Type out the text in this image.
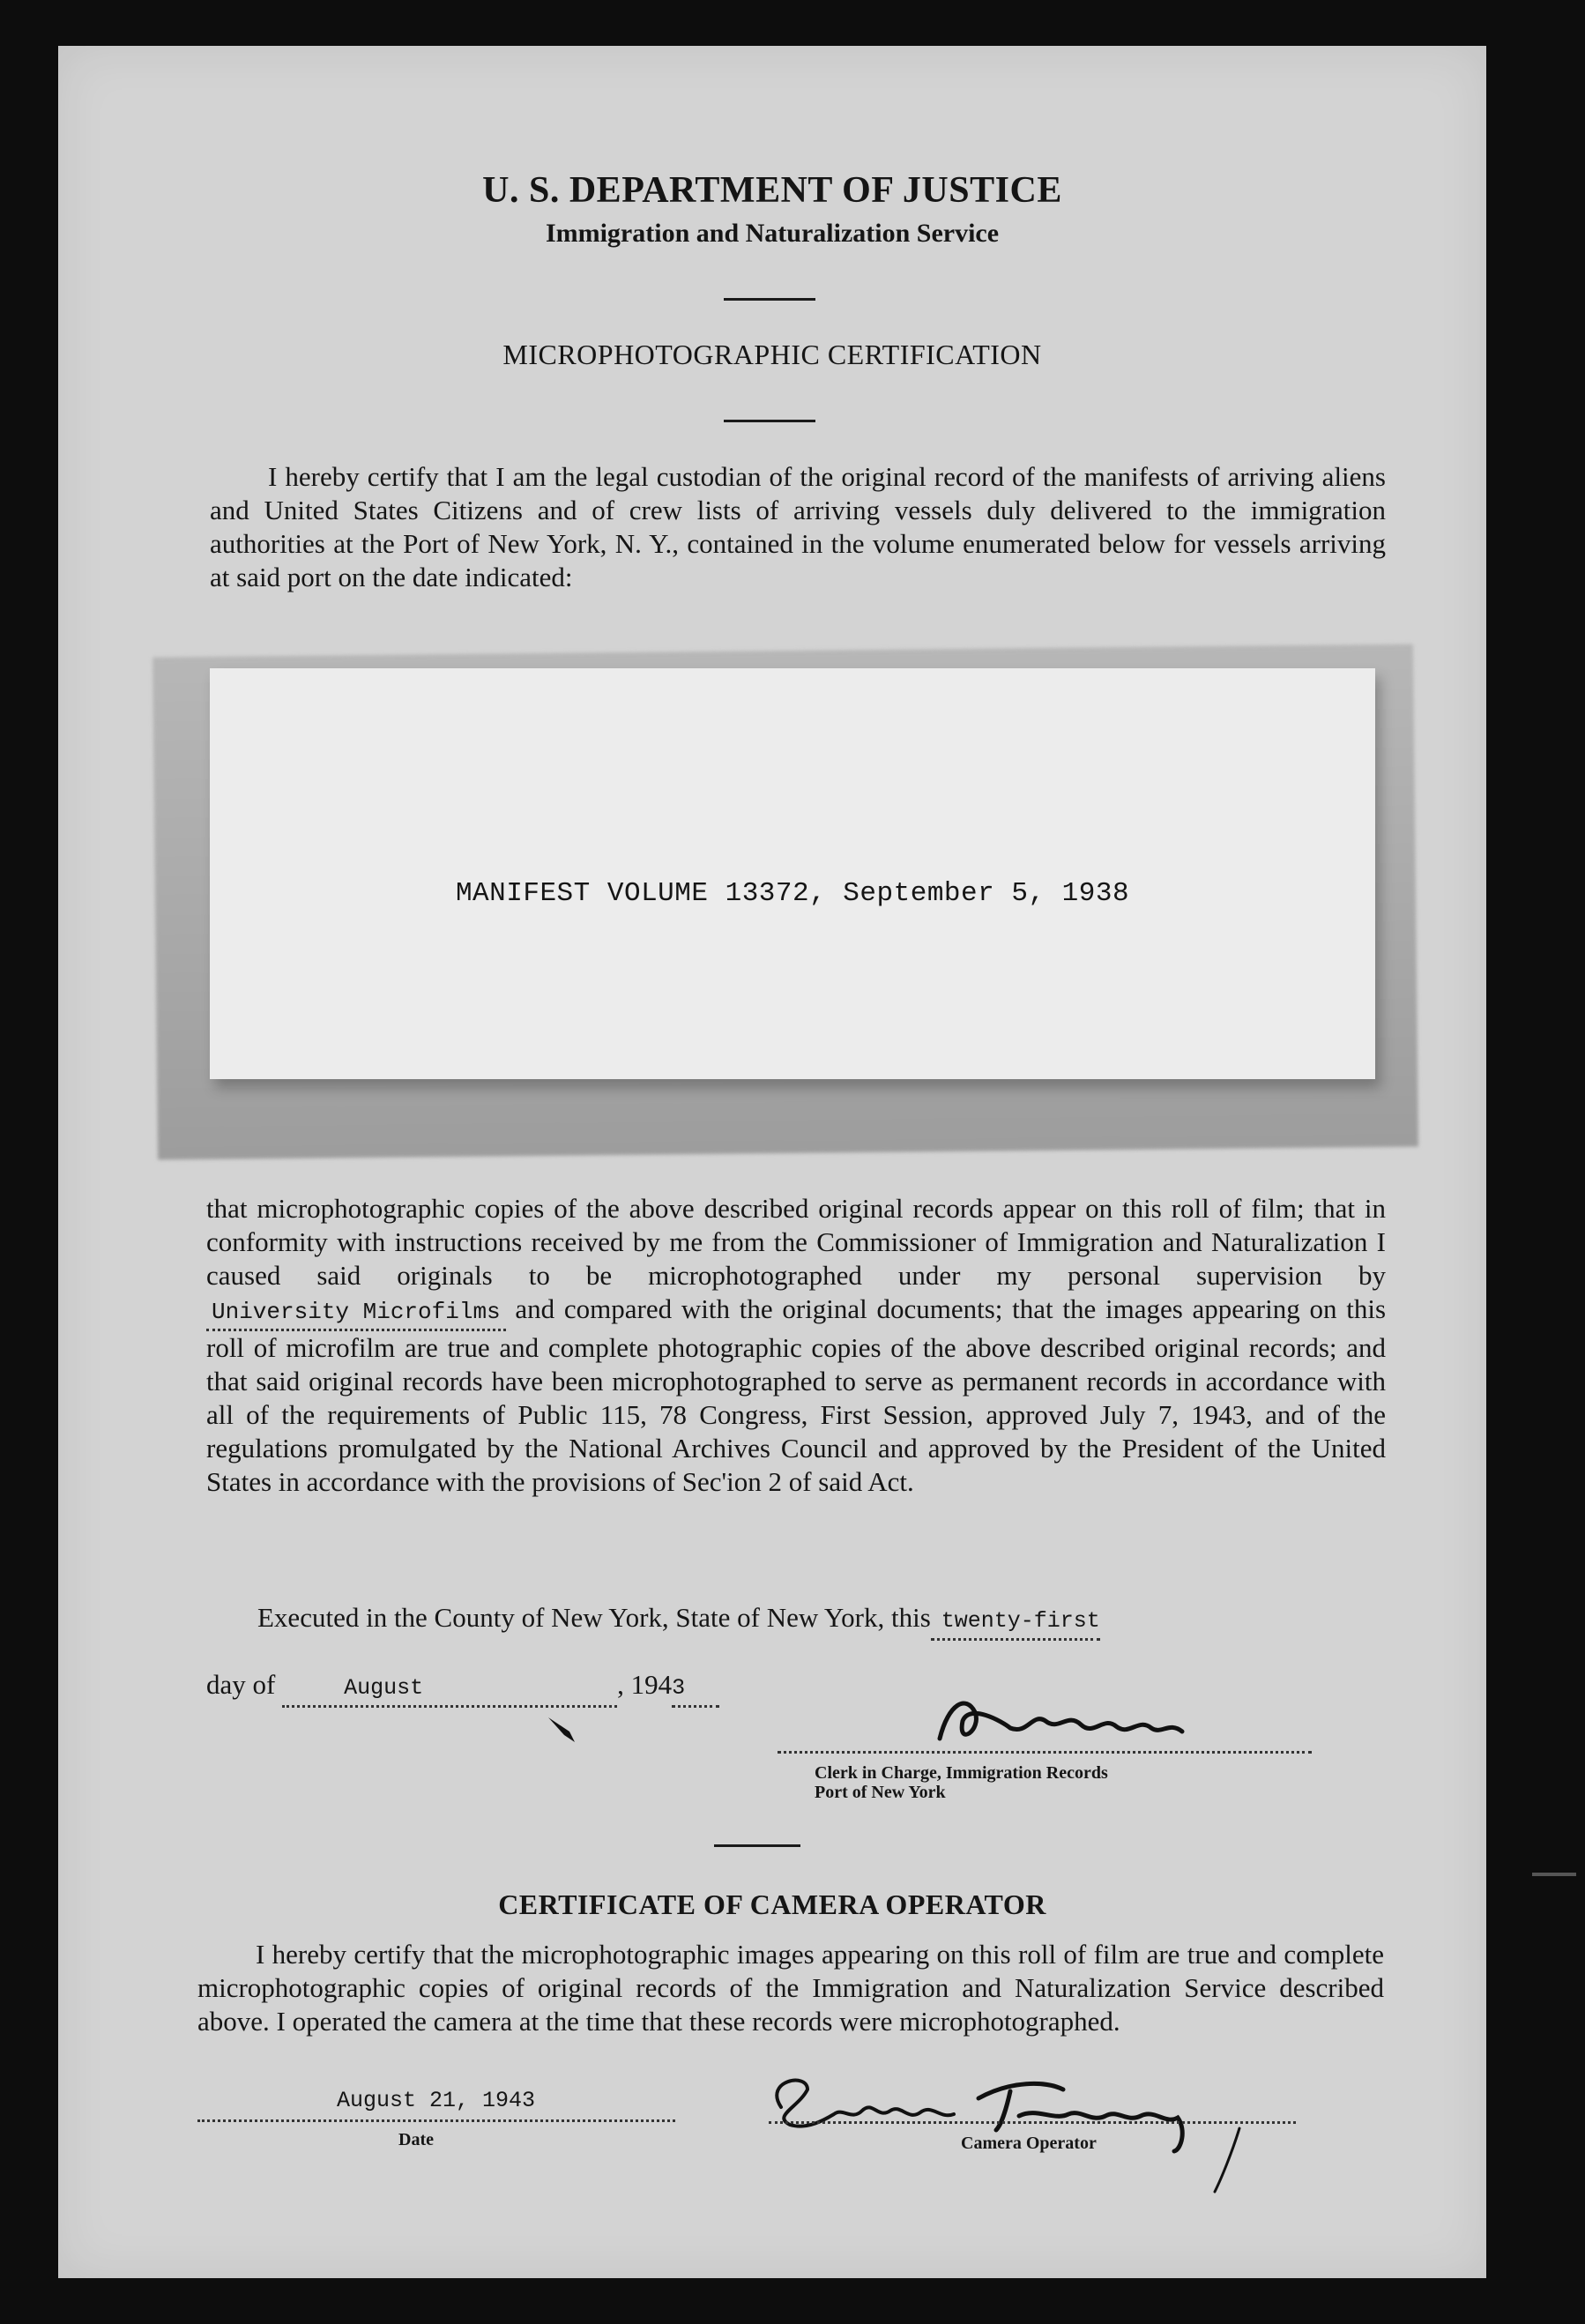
U. S. DEPARTMENT OF JUSTICE
Immigration and Naturalization Service
MICROPHOTOGRAPHIC CERTIFICATION
I hereby certify that I am the legal custodian of the original record of the manifests of arriving aliens and United States Citizens and of crew lists of arriving vessels duly delivered to the immigration authorities at the Port of New York, N. Y., contained in the volume enumerated below for vessels arriving at said port on the date indicated:
MANIFEST VOLUME 13372, September 5, 1938
that microphotographic copies of the above described original records appear on this roll of film; that in conformity with instructions received by me from the Commissioner of Immigration and Naturalization I caused said originals to be microphotographed under my personal supervision by University Microfilms and compared with the original documents; that the images appearing on this roll of microfilm are true and complete photographic copies of the above described original records; and that said original records have been microphotographed to serve as permanent records in accordance with all of the requirements of Public 115, 78 Congress, First Session, approved July 7, 1943, and of the regulations promulgated by the National Archives Council and approved by the President of the United States in accordance with the provisions of Sec'ion 2 of said Act.
Executed in the County of New York, State of New York, this twenty-first
day of	August	, 1943
Clerk in Charge, Immigration Records
Port of New York
CERTIFICATE OF CAMERA OPERATOR
I hereby certify that the microphotographic images appearing on this roll of film are true and complete microphotographic copies of original records of the Immigration and Naturalization Service described above. I operated the camera at the time that these records were microphotographed.
August 21, 1943
Date	Camera Operator
